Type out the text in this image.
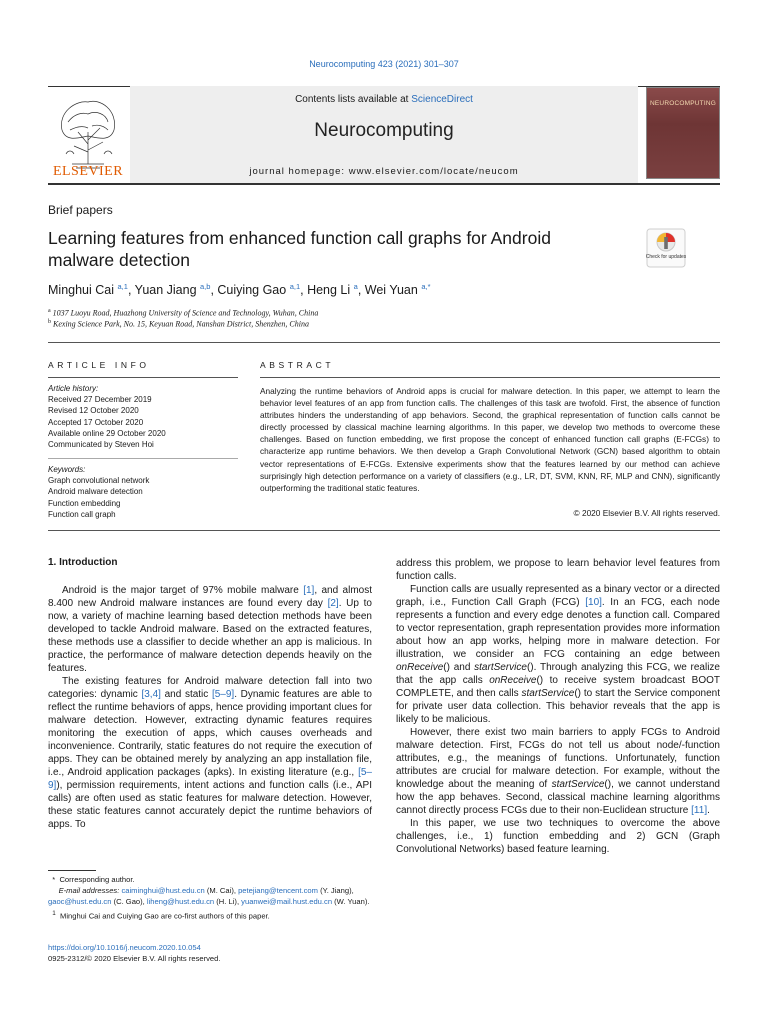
Neurocomputing 423 (2021) 301–307
ELSEVIER
Contents lists available at ScienceDirect
Neurocomputing
journal homepage: www.elsevier.com/locate/neucom
NEUROCOMPUTING
Brief papers
Learning features from enhanced function call graphs for Android malware detection	Check for updates
Minghui Cai $^{a,1}$, Yuan Jiang $^{a,b}$, Cuiying Gao $^{a,1}$, Heng Li $^a$, Wei Yuan $^{a,*}$
$^a$ 1037 Luoyu Road, Huazhong University of Science and Technology, Wuhan, China
$^b$ Kexing Science Park, No. 15, Keyuan Road, Nanshan District, Shenzhen, China
ARTICLE INFO	ABSTRACT
Article history:
Received 27 December 2019
Revised 12 October 2020
Accepted 17 October 2020
Available online 29 October 2020
Communicated by Steven Hoi
Keywords:
Graph convolutional network
Android malware detection
Function embedding
Function call graph
Analyzing the runtime behaviors of Android apps is crucial for malware detection. In this paper, we attempt to learn the behavior level features of an app from function calls. The challenges of this task are twofold. First, the absence of function attributes hinders the understanding of app behaviors. Second, the graphical representation of function calls cannot be directly processed by classical machine learning algorithms. In this paper, we develop two methods to overcome these challenges. Based on function embedding, we first propose the concept of enhanced function call graphs (E-FCGs) to characterize app runtime behaviors. We then develop a Graph Convolutional Network (GCN) based algorithm to obtain vector representations of E-FCGs. Extensive experiments show that the features learned by our method can achieve surprisingly high detection performance on a variety of classifiers (e.g., LR, DT, SVM, KNN, RF, MLP and CNN), significantly outperforming the traditional static features.
© 2020 Elsevier B.V. All rights reserved.
1. Introduction

Android is the major target of 97% mobile malware [1], and almost 8.400 new Android malware instances are found every day [2]. Up to now, a variety of machine learning based detection methods have been developed to tackle Android malware. Based on the extracted features, these methods use a classifier to decide whether an app is malicious. In practice, the performance of malware detection depends heavily on the features.

The existing features for Android malware detection fall into two categories: dynamic [3,4] and static [5–9]. Dynamic features are able to reflect the runtime behaviors of apps, hence providing important clues for malware detection. However, extracting dynamic features requires monitoring the execution of apps, which causes overheads and inconvenience. Contrarily, static features do not require the execution of apps. They can be obtained merely by analyzing an app installation file, i.e., Android application packages (apks). In existing literature (e.g., [5–9]), permission requirements, intent actions and function calls (i.e., API calls) are often used as static features for malware detection. However, these static features cannot accurately depict the runtime behaviors of apps. To

address this problem, we propose to learn behavior level features from function calls.

Function calls are usually represented as a binary vector or a directed graph, i.e., Function Call Graph (FCG) [10]. In an FCG, each node represents a function and every edge denotes a function call. Compared to vector representation, graph representation provides more information about how an app works, helping more in malware detection. For illustration, we consider an FCG containing an edge between onReceive() and startService(). Through analyzing this FCG, we realize that the app calls onReceive() to receive system broadcast BOOT COMPLETE, and then calls startService() to start the Service component for private user data collection. This behavior reveals that the app is likely to be malicious.

However, there exist two main barriers to apply FCGs to Android malware detection. First, FCGs do not tell us about node/-function attributes, e.g., the meanings of functions. Unfortunately, function attributes are crucial for malware detection. For example, without the knowledge about the meaning of startService(), we cannot understand how the app behaves. Second, classical machine learning algorithms cannot directly process FCGs due to their non-Euclidean structure [11].

In this paper, we use two techniques to overcome the above challenges, i.e., 1) function embedding and 2) GCN (Graph Convolutional Networks) based feature learning.

* Corresponding author.
E-mail addresses: caiminghui@hust.edu.cn (M. Cai), petejiang@tencent.com (Y. Jiang), gaoc@hust.edu.cn (C. Gao), liheng@hust.edu.cn (H. Li), yuanwei@mail.hust.edu.cn (W. Yuan).
$^1$ Minghui Cai and Cuiying Gao are co-first authors of this paper.
https://doi.org/10.1016/j.neucom.2020.10.054
0925-2312/© 2020 Elsevier B.V. All rights reserved.
